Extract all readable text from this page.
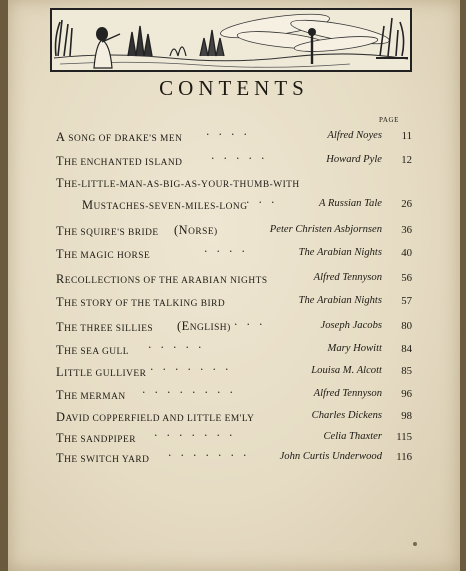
CONTENTS
PAGE
A SONG OF DRAKE'S MEN ····	Alfred Noyes	11
THE ENCHANTED ISLAND	·····	Howard Pyle	12
THE-LITTLE-MAN-AS-BIG-AS-YOUR-THUMB-WITH
MUSTACHES-SEVEN-MILES-LONG
···	A Russian Tale	26
THE SQUIRE'S BRIDE (NORSE)	Peter Christen Asbjornsen	36
THE MAGIC HORSE	····	The Arabian Nights	40
RECOLLECTIONS OF THE ARABIAN NIGHTS	Alfred Tennyson	56
THE STORY OF THE TALKING BIRD	The Arabian Nights	57
THE THREE SILLIES	(ENGLISH) ···	Joseph Jacobs	80
THE SEA GULL ·····	Mary Howitt	84
LITTLE GULLIVER ·······	Louisa M. Alcott	85
THE MERMAN ········	Alfred Tennyson	96
DAVID COPPERFIELD AND LITTLE EM'LY	Charles Dickens	98
THE SANDPIPER ·······	Celia Thaxter	115
THE SWITCH YARD ······· John Curtis Underwood	116
